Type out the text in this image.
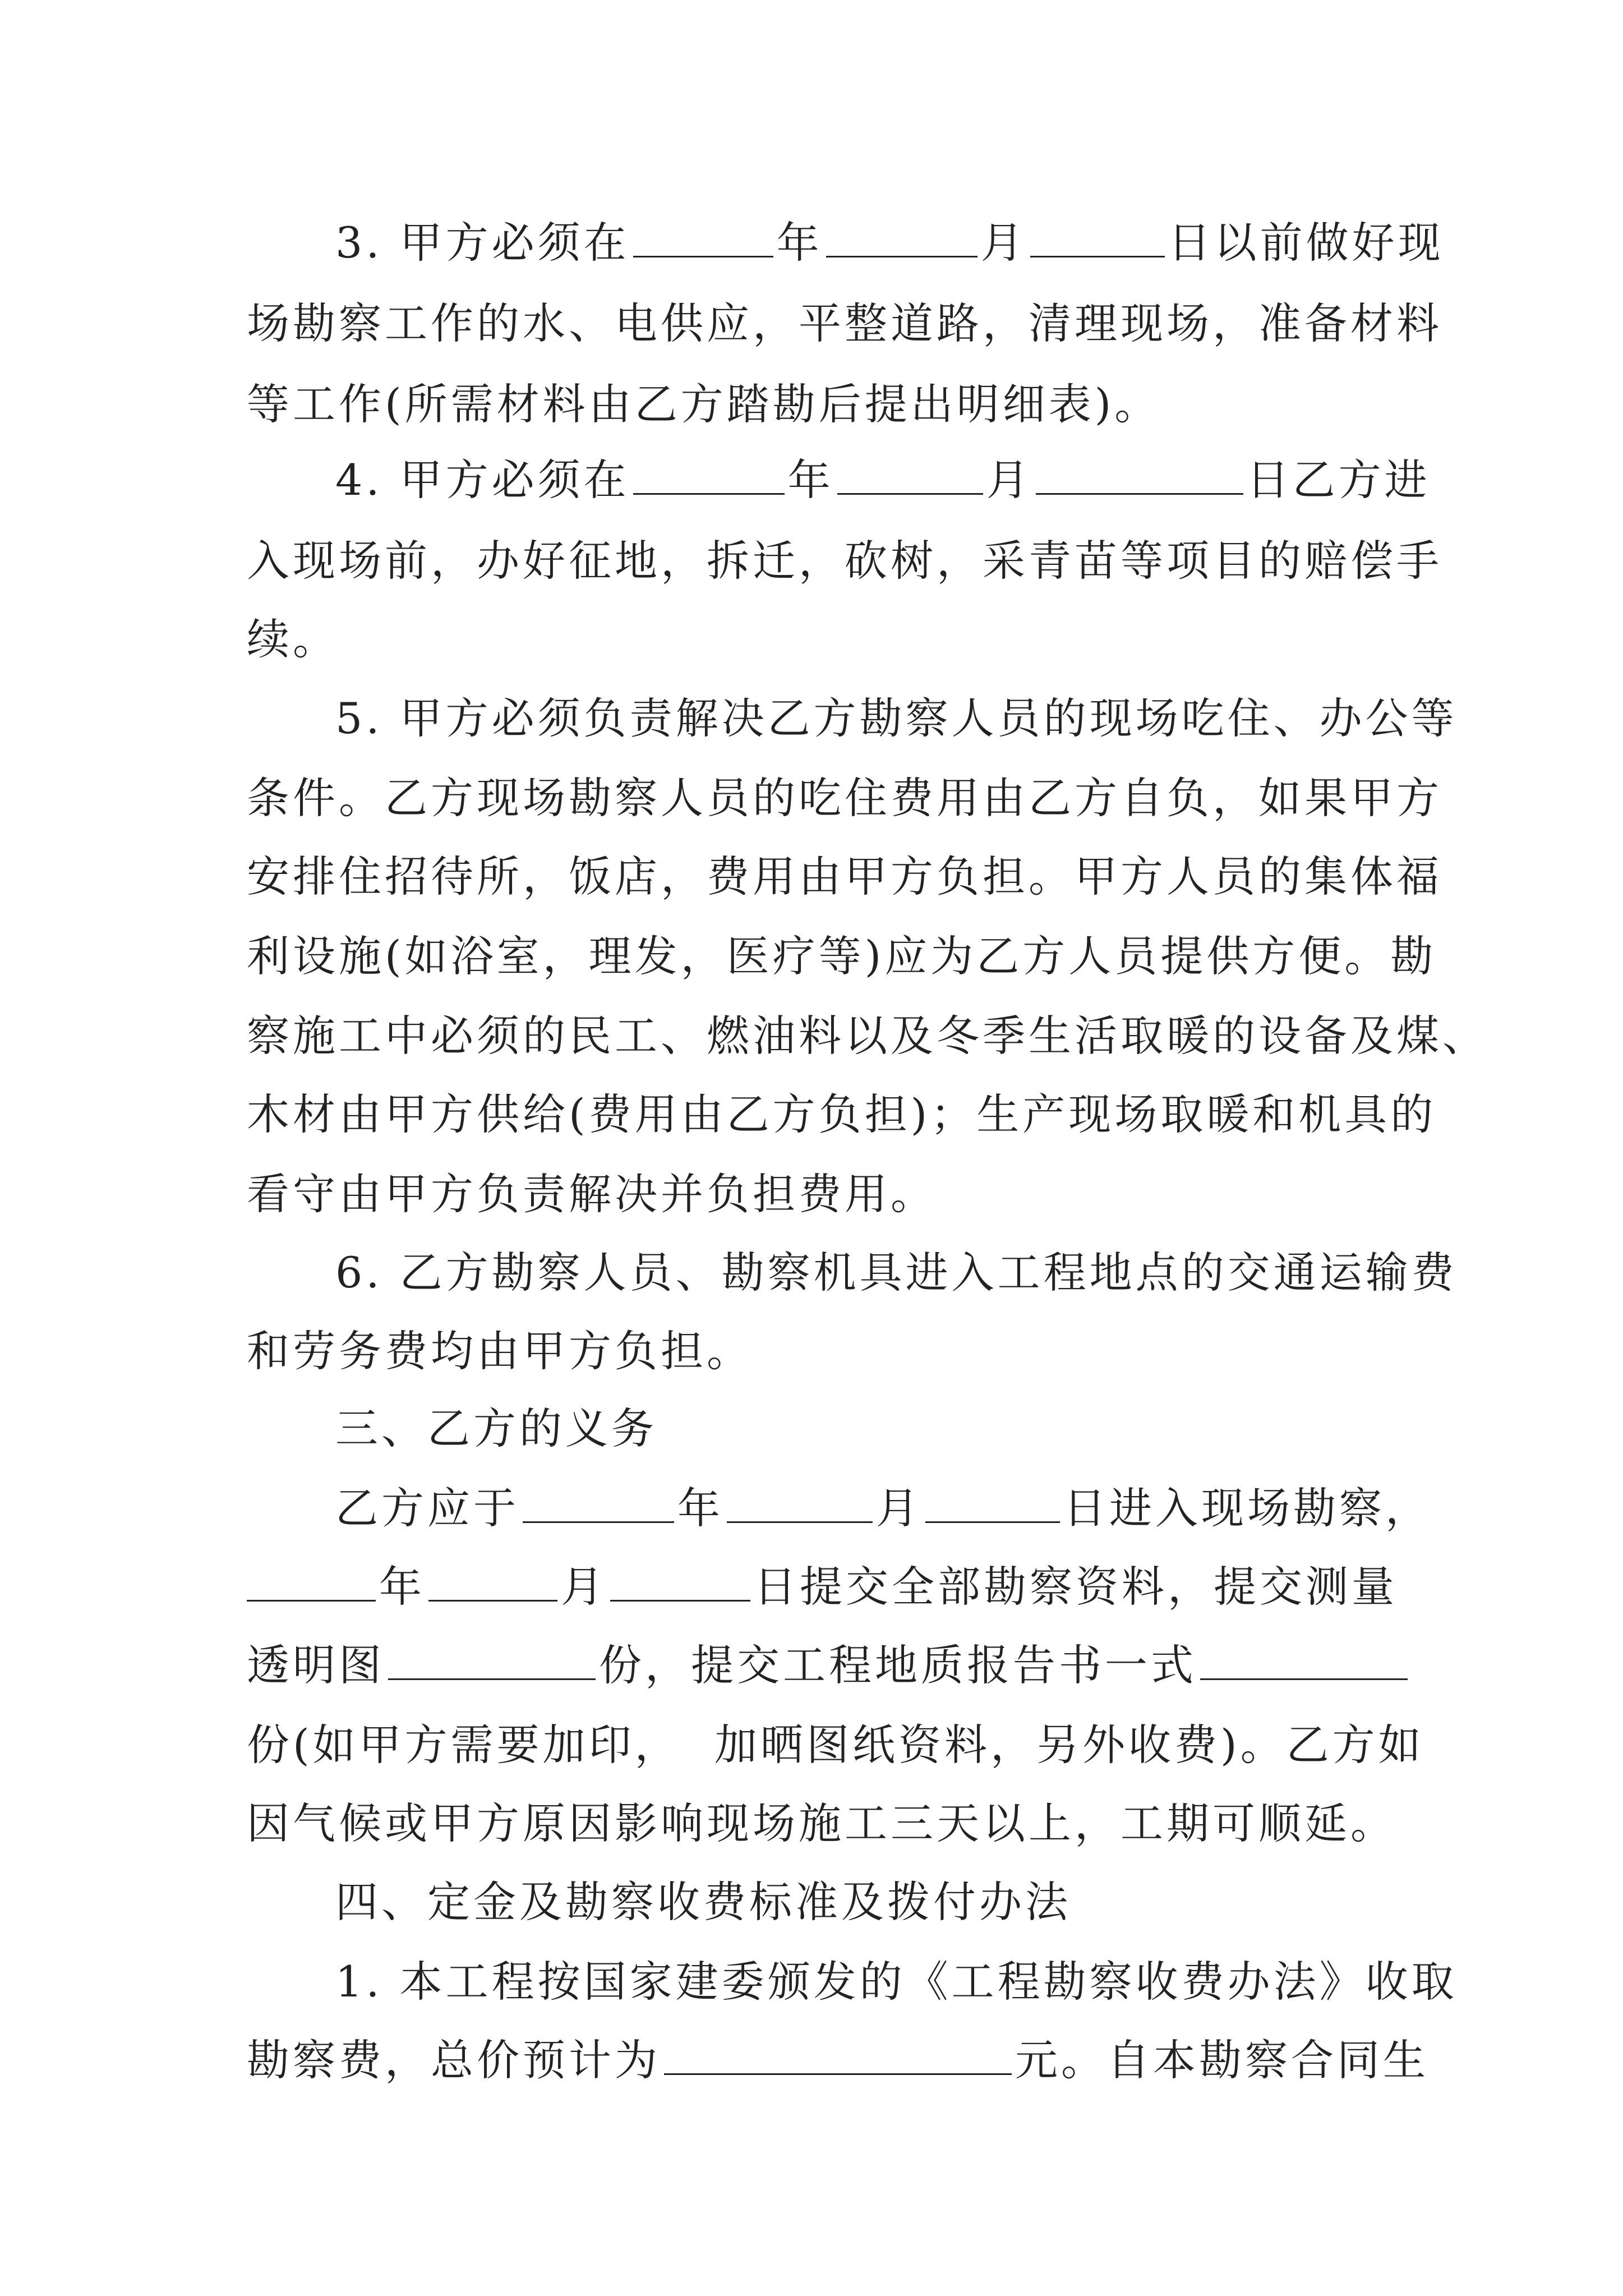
3. 甲方必须在	年	月	日以前做好现
场勘察工作的水、电供应，平整道路，清理现场，准备材料
等工作(所需材料由乙方踏勘后提出明细表)。
4. 甲方必须在	年	月	日乙方进
入现场前，办好征地，拆迁，砍树，采青苗等项目的赔偿手
续。
5. 甲方必须负责解决乙方勘察人员的现场吃住、办公等
条件。乙方现场勘察人员的吃住费用由乙方自负，如果甲方
安排住招待所，饭店，费用由甲方负担。甲方人员的集体福
利设施(如浴室，理发，医疗等)应为乙方人员提供方便。勘
察施工中必须的民工、燃油料以及冬季生活取暖的设备及煤、
木材由甲方供给(费用由乙方负担)；生产现场取暖和机具的
看守由甲方负责解决并负担费用。
6. 乙方勘察人员、勘察机具进入工程地点的交通运输费
和劳务费均由甲方负担。
三、乙方的义务
乙方应于	年	月	日进入现场勘察，
年	月	日提交全部勘察资料，提交测量
透明图	份，提交工程地质报告书一式
份(如甲方需要加印，  加晒图纸资料，另外收费)。乙方如
因气候或甲方原因影响现场施工三天以上，工期可顺延。
四、定金及勘察收费标准及拨付办法
1. 本工程按国家建委颁发的《工程勘察收费办法》收取
勘察费，总价预计为	元。自本勘察合同生
